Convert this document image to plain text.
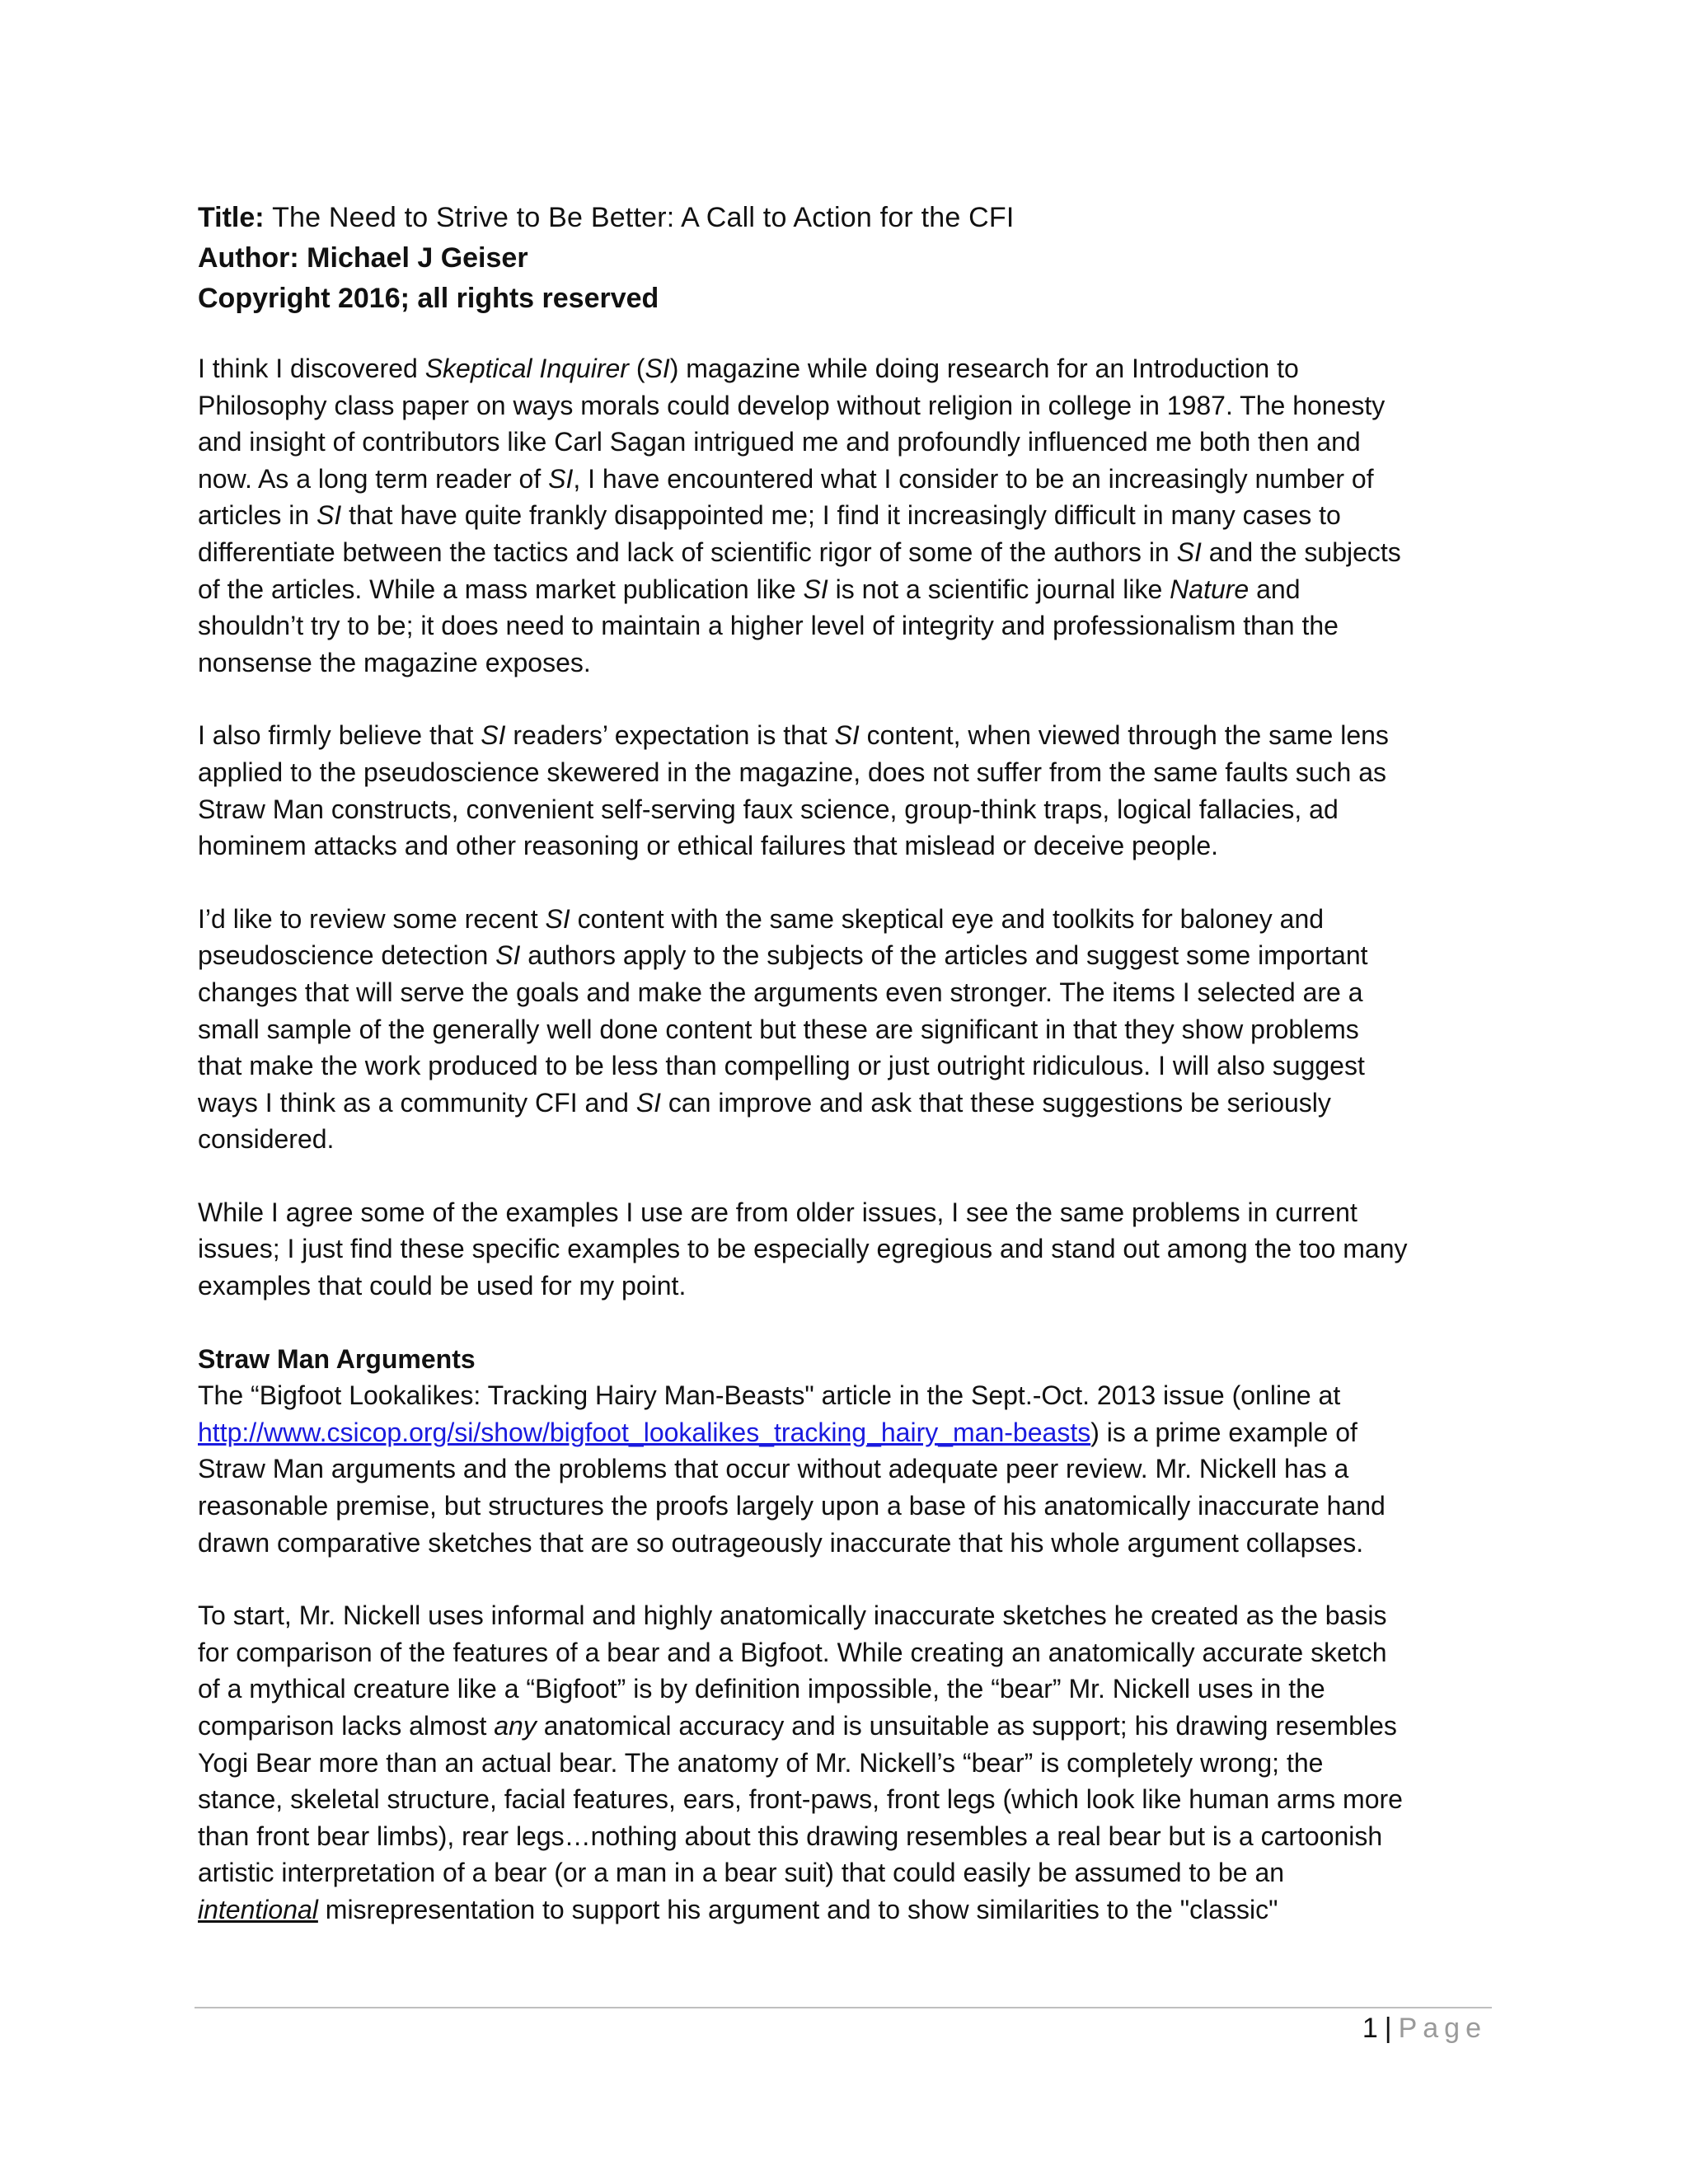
Title: The Need to Strive to Be Better: A Call to Action for the CFI
Author: Michael J Geiser
Copyright 2016; all rights reserved

I think I discovered Skeptical Inquirer (SI) magazine while doing research for an Introduction to
Philosophy class paper on ways morals could develop without religion in college in 1987. The honesty
and insight of contributors like Carl Sagan intrigued me and profoundly influenced me both then and
now. As a long term reader of SI, I have encountered what I consider to be an increasingly number of
articles in SI that have quite frankly disappointed me; I find it increasingly difficult in many cases to
differentiate between the tactics and lack of scientific rigor of some of the authors in SI and the subjects
of the articles. While a mass market publication like SI is not a scientific journal like Nature and
shouldn’t try to be; it does need to maintain a higher level of integrity and professionalism than the
nonsense the magazine exposes.

I also firmly believe that SI readers’ expectation is that SI content, when viewed through the same lens
applied to the pseudoscience skewered in the magazine, does not suffer from the same faults such as
Straw Man constructs, convenient self-serving faux science, group-think traps, logical fallacies, ad
hominem attacks and other reasoning or ethical failures that mislead or deceive people.

I’d like to review some recent SI content with the same skeptical eye and toolkits for baloney and
pseudoscience detection SI authors apply to the subjects of the articles and suggest some important
changes that will serve the goals and make the arguments even stronger. The items I selected are a
small sample of the generally well done content but these are significant in that they show problems
that make the work produced to be less than compelling or just outright ridiculous. I will also suggest
ways I think as a community CFI and SI can improve and ask that these suggestions be seriously
considered.

While I agree some of the examples I use are from older issues, I see the same problems in current
issues; I just find these specific examples to be especially egregious and stand out among the too many
examples that could be used for my point.

Straw Man Arguments

The “Bigfoot Lookalikes: Tracking Hairy Man-Beasts" article in the Sept.-Oct. 2013 issue (online at
http://www.csicop.org/si/show/bigfoot_lookalikes_tracking_hairy_man-beasts) is a prime example of
Straw Man arguments and the problems that occur without adequate peer review. Mr. Nickell has a
reasonable premise, but structures the proofs largely upon a base of his anatomically inaccurate hand
drawn comparative sketches that are so outrageously inaccurate that his whole argument collapses.

To start, Mr. Nickell uses informal and highly anatomically inaccurate sketches he created as the basis
for comparison of the features of a bear and a Bigfoot. While creating an anatomically accurate sketch
of a mythical creature like a “Bigfoot” is by definition impossible, the “bear” Mr. Nickell uses in the
comparison lacks almost any anatomical accuracy and is unsuitable as support; his drawing resembles
Yogi Bear more than an actual bear. The anatomy of Mr. Nickell’s “bear” is completely wrong; the
stance, skeletal structure, facial features, ears, front-paws, front legs (which look like human arms more
than front bear limbs), rear legs…nothing about this drawing resembles a real bear but is a cartoonish
artistic interpretation of a bear (or a man in a bear suit) that could easily be assumed to be an
intentional misrepresentation to support his argument and to show similarities to the "classic"

1 | Page
